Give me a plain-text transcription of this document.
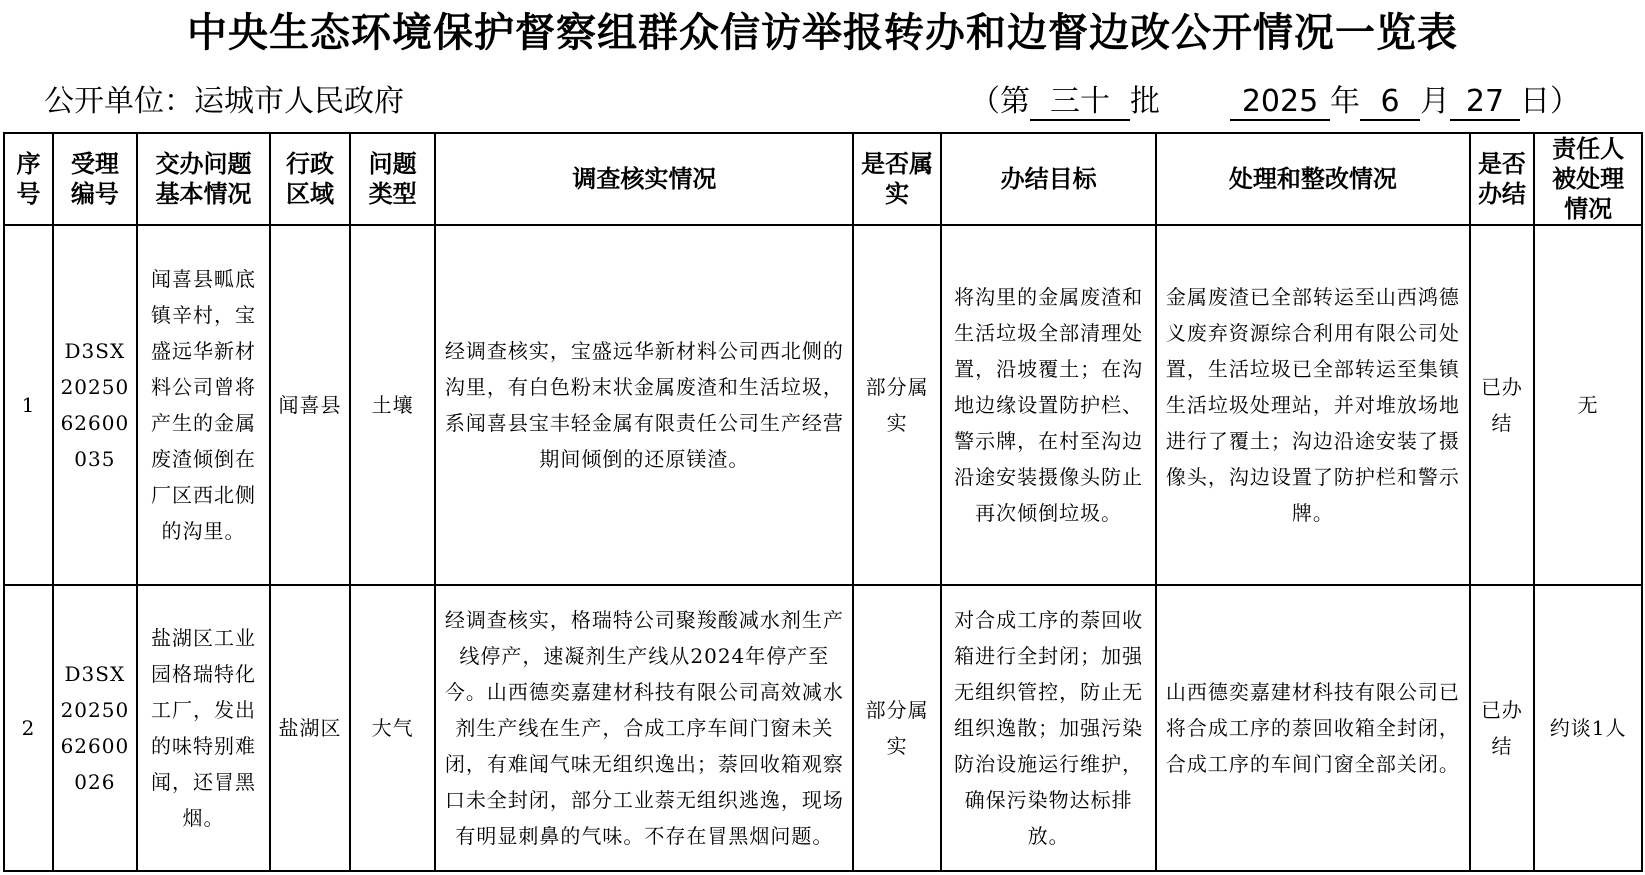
中央生态环境保护督察组群众信访举报转办和边督边改公开情况一览表
公开单位：运城市人民政府	（第 三十 批	2025 年 6 月 27 日）
序号	受理编号	交办问题基本情况	行政区域	问题类型	调查核实情况	是否属实	办结目标	处理和整改情况	是否办结	责任人被处理情况
1	D3SX2025062600035	闻喜县畖底镇辛村，宝盛远华新材料公司曾将产生的金属废渣倾倒在厂区西北侧的沟里。	闻喜县	土壤	经调查核实，宝盛远华新材料公司西北侧的沟里，有白色粉末状金属废渣和生活垃圾，系闻喜县宝丰轻金属有限责任公司生产经营期间倾倒的还原镁渣。	部分属实	将沟里的金属废渣和生活垃圾全部清理处置，沿坡覆土；在沟地边缘设置防护栏、警示牌，在村至沟边沿途安装摄像头防止再次倾倒垃圾。	金属废渣已全部转运至山西鸿德义废弃资源综合利用有限公司处置，生活垃圾已全部转运至集镇生活垃圾处理站，并对堆放场地进行了覆土；沟边沿途安装了摄像头，沟边设置了防护栏和警示牌。	已办结	无
2	D3SX2025062600026	盐湖区工业园格瑞特化工厂，发出的味特别难闻，还冒黑烟。	盐湖区	大气	经调查核实，格瑞特公司聚羧酸减水剂生产线停产，速凝剂生产线从2024年停产至今。山西德奕嘉建材科技有限公司高效减水剂生产线在生产，合成工序车间门窗未关闭，有难闻气味无组织逸出；萘回收箱观察口未全封闭，部分工业萘无组织逃逸，现场有明显刺鼻的气味。不存在冒黑烟问题。	部分属实	对合成工序的萘回收箱进行全封闭；加强无组织管控，防止无组织逸散；加强污染防治设施运行维护，确保污染物达标排放。	山西德奕嘉建材科技有限公司已将合成工序的萘回收箱全封闭，合成工序的车间门窗全部关闭。	已办结	约谈1人
